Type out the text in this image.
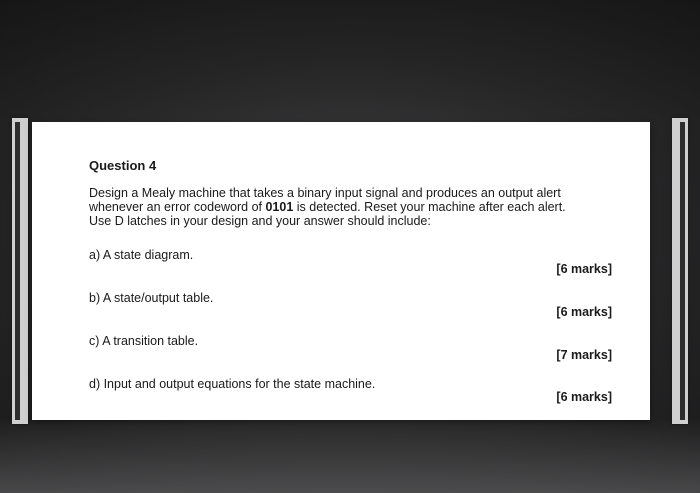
Question 4

Design a Mealy machine that takes a binary input signal and produces an output alert
whenever an error codeword of 0101 is detected. Reset your machine after each alert.
Use D latches in your design and your answer should include:

a) A state diagram.

[6 marks]

b) A state/output table.

[6 marks]

c) A transition table.

[7 marks]

d) Input and output equations for the state machine.

[6 marks]
